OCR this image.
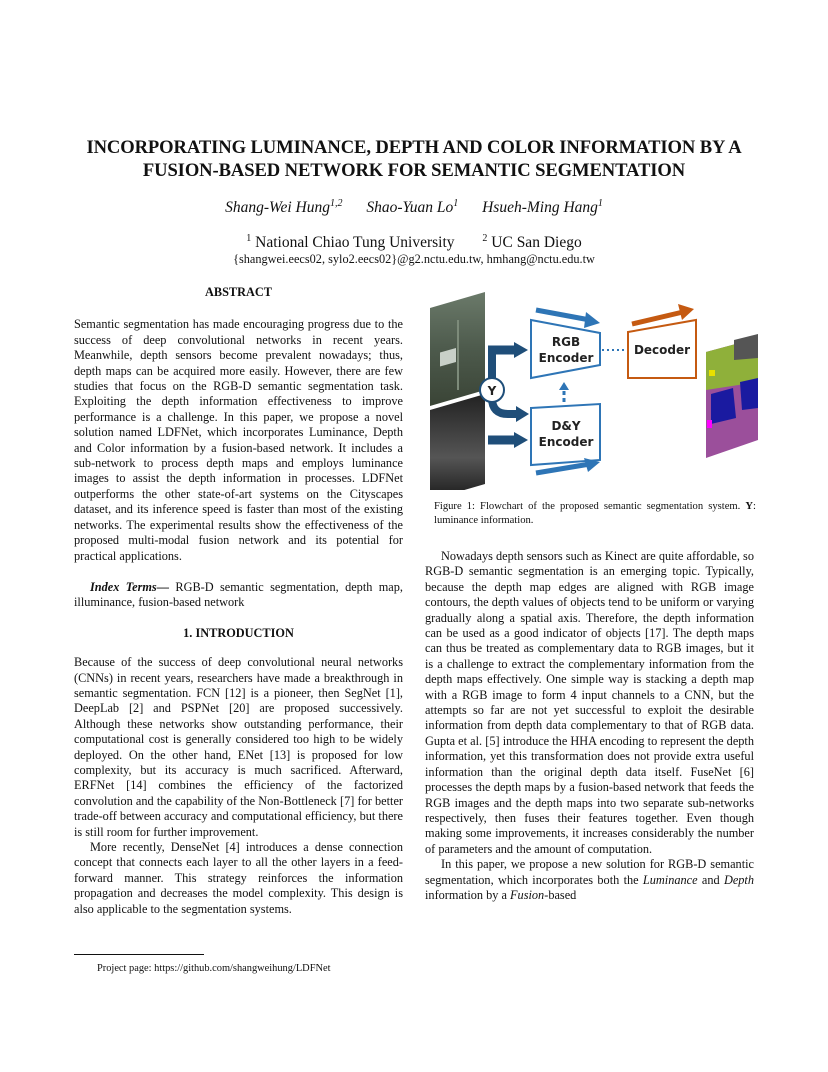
INCORPORATING LUMINANCE, DEPTH AND COLOR INFORMATION BY A
FUSION-BASED NETWORK FOR SEMANTIC SEGMENTATION
Shang-Wei Hung$^{1,2}$ Shao-Yuan Lo$^1$ Hsueh-Ming Hang$^1$
$^1$ National Chiao Tung University	$^2$ UC San Diego
{shangwei.eecs02, sylo2.eecs02}@g2.nctu.edu.tw, hmhang@nctu.edu.tw

ABSTRACT

Semantic segmentation has made encouraging progress due to the success of deep convolutional networks in recent years. Meanwhile, depth sensors become prevalent nowadays; thus, depth maps can be acquired more easily. However, there are few studies that focus on the RGB-D semantic segmentation task. Exploiting the depth information effectiveness to improve performance is a challenge. In this paper, we propose a novel solution named LDFNet, which incorporates Luminance, Depth and Color information by a fusion-based network. It includes a sub-network to process depth maps and employs luminance images to assist the depth information in processes. LDFNet outperforms the other state-of-art systems on the Cityscapes dataset, and its inference speed is faster than most of the existing networks. The experimental results show the effectiveness of the proposed multi-modal fusion network and its potential for practical applications.

Index Terms— RGB-D semantic segmentation, depth map, illuminance, fusion-based network

1. INTRODUCTION

Because of the success of deep convolutional neural networks (CNNs) in recent years, researchers have made a breakthrough in semantic segmentation. FCN [12] is a pioneer, then SegNet [1], DeepLab [2] and PSPNet [20] are proposed successively. Although these networks show outstanding performance, their computational cost is generally considered too high to be widely deployed. On the other hand, ENet [13] is proposed for low complexity, but its accuracy is much sacrificed. Afterward, ERFNet [14] combines the efficiency of the factorized convolution and the capability of the Non-Bottleneck [7] for better trade-off between accuracy and computational efficiency, but there is still room for further improvement.

More recently, DenseNet [4] introduces a dense connection concept that connects each layer to all the other layers in a feed-forward manner. This strategy reinforces the information propagation and decreases the model complexity. This design is also applicable to the segmentation systems.

Project page: https://github.com/shangweihung/LDFNet
Y
RGB
Encoder
D&Y
Encoder
Decoder
Figure 1: Flowchart of the proposed semantic segmentation system. Y: luminance information.

Nowadays depth sensors such as Kinect are quite affordable, so RGB-D semantic segmentation is an emerging topic. Typically, because the depth map edges are aligned with RGB image contours, the depth values of objects tend to be uniform or varying gradually along a spatial axis. Therefore, the depth information can be used as a good indicator of objects [17]. The depth maps can thus be treated as complementary data to RGB images, but it is a challenge to extract the complementary information from the depth maps effectively. One simple way is stacking a depth map with a RGB image to form 4 input channels to a CNN, but the attempts so far are not yet successful to exploit the desirable information from depth data complementary to that of RGB data. Gupta et al. [5] introduce the HHA encoding to represent the depth information, yet this transformation does not provide extra useful information than the original depth data itself. FuseNet [6] processes the depth maps by a fusion-based network that feeds the RGB images and the depth maps into two separate sub-networks respectively, then fuses their features together. Even though making some improvements, it increases considerably the number of parameters and the amount of computation.

In this paper, we propose a new solution for RGB-D semantic segmentation, which incorporates both the Luminance and Depth information by a Fusion-based
